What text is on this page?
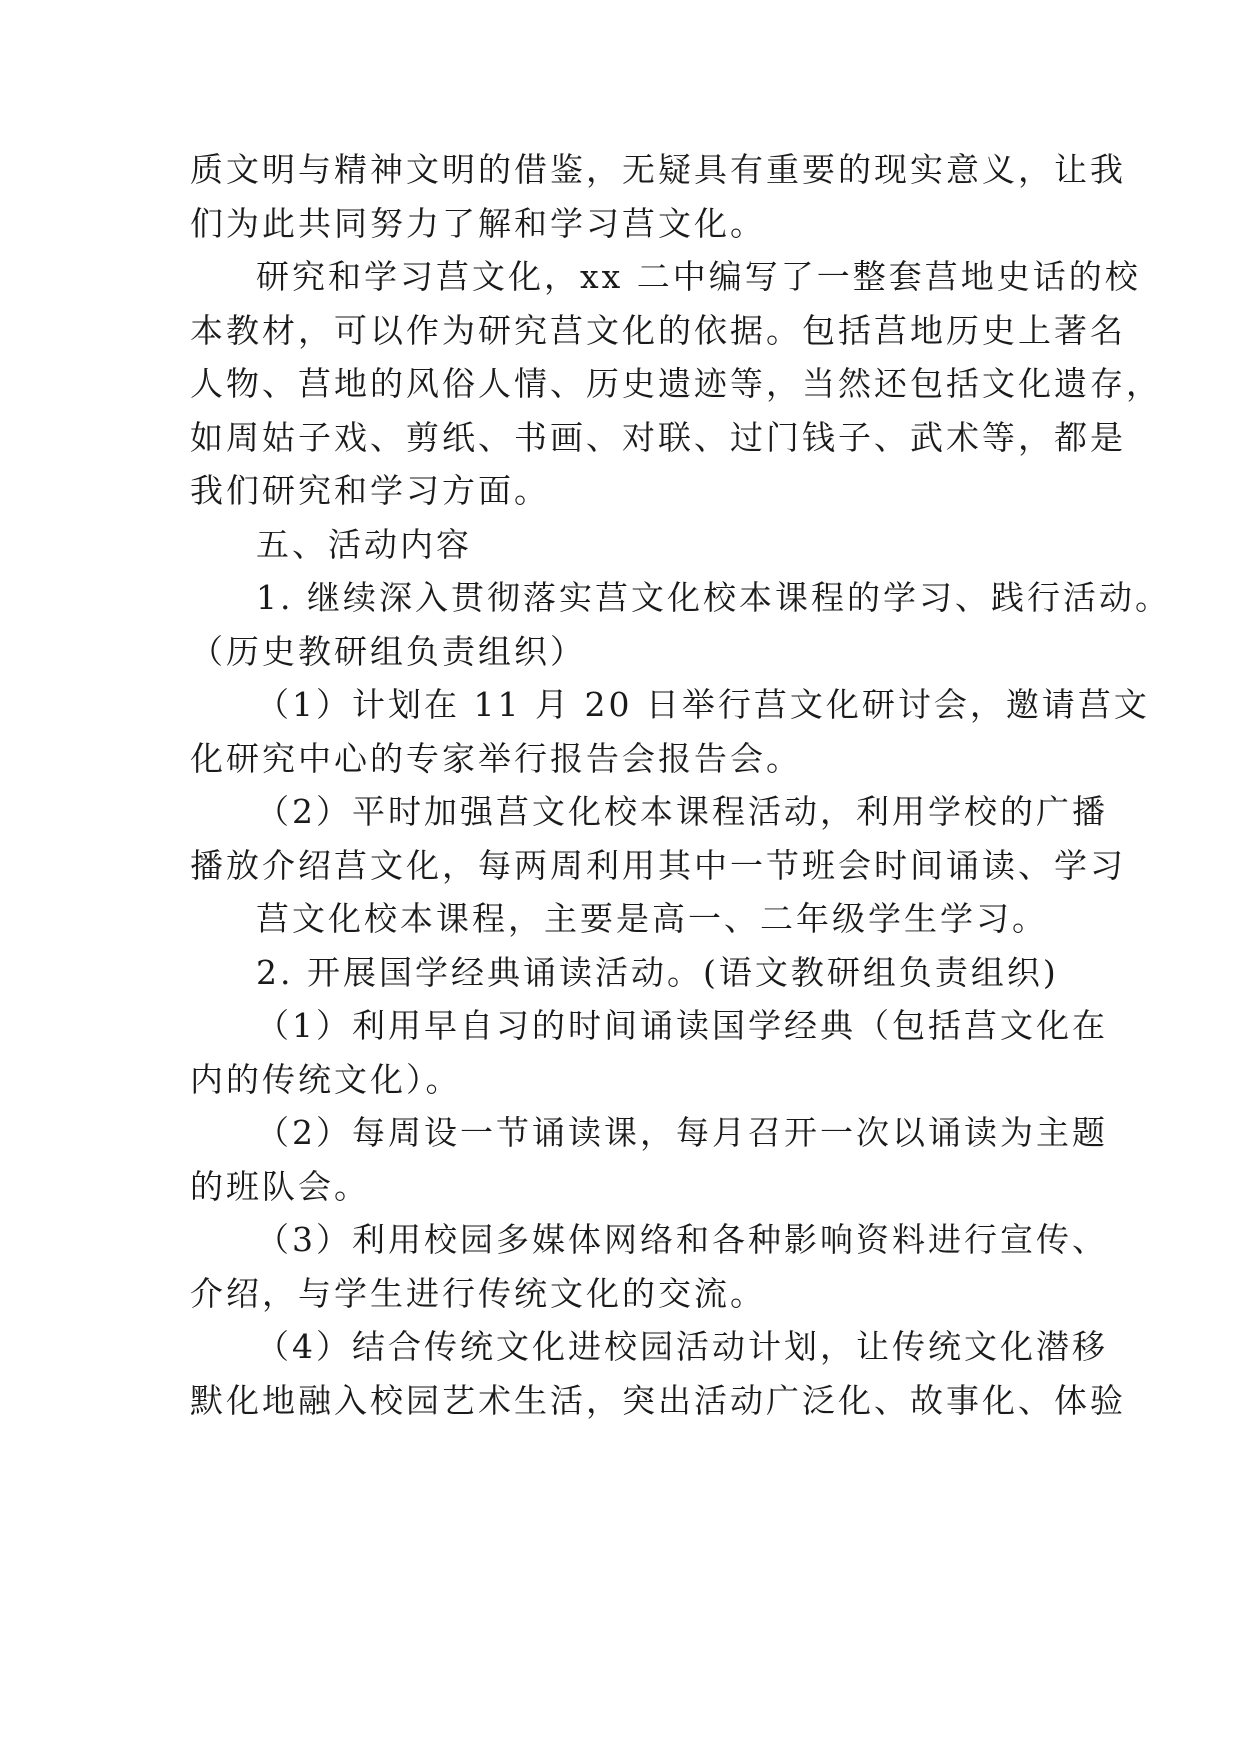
质文明与精神文明的借鉴，无疑具有重要的现实意义，让我
们为此共同努力了解和学习莒文化。
研究和学习莒文化，xx 二中编写了一整套莒地史话的校
本教材，可以作为研究莒文化的依据。包括莒地历史上著名
人物、莒地的风俗人情、历史遗迹等，当然还包括文化遗存，
如周姑子戏、剪纸、书画、对联、过门钱子、武术等，都是
我们研究和学习方面。
五、活动内容
1. 继续深入贯彻落实莒文化校本课程的学习、践行活动。
（历史教研组负责组织）
（1）计划在 11 月 20 日举行莒文化研讨会，邀请莒文
化研究中心的专家举行报告会报告会。
（2）平时加强莒文化校本课程活动，利用学校的广播
播放介绍莒文化，每两周利用其中一节班会时间诵读、学习
莒文化校本课程，主要是高一、二年级学生学习。
2. 开展国学经典诵读活动。(语文教研组负责组织)
（1）利用早自习的时间诵读国学经典（包括莒文化在
内的传统文化）。
（2）每周设一节诵读课，每月召开一次以诵读为主题
的班队会。
（3）利用校园多媒体网络和各种影响资料进行宣传、
介绍，与学生进行传统文化的交流。
（4）结合传统文化进校园活动计划，让传统文化潜移
默化地融入校园艺术生活，突出活动广泛化、故事化、体验
